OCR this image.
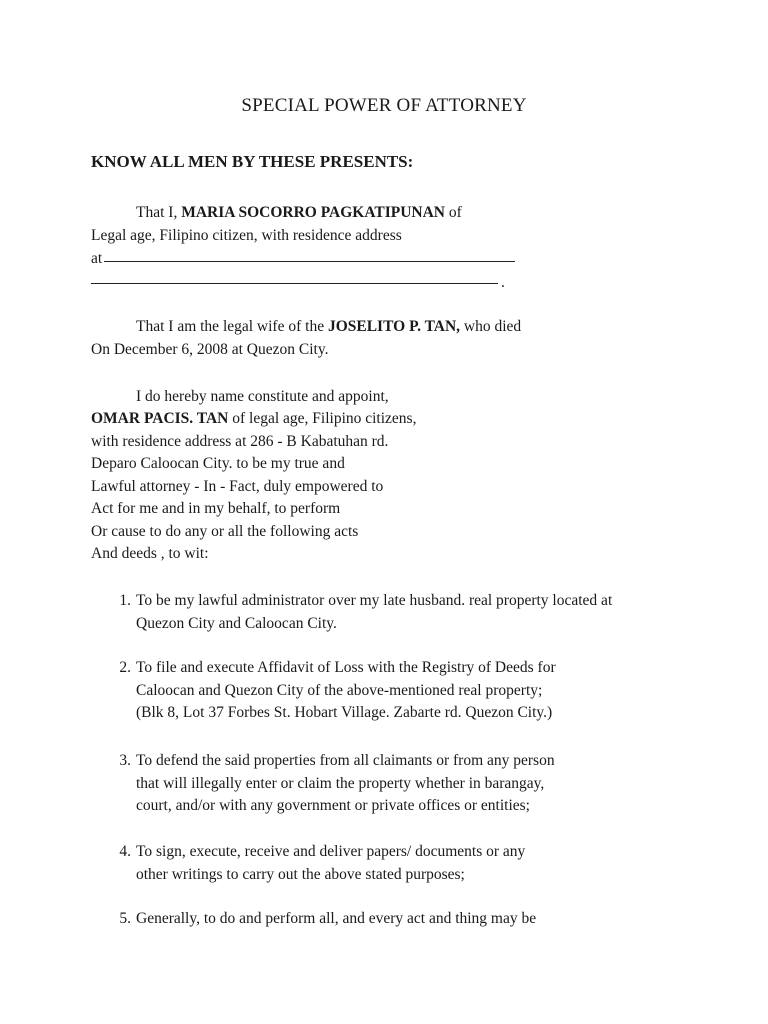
SPECIAL POWER OF ATTORNEY
KNOW ALL MEN BY THESE PRESENTS:
That I, MARIA SOCORRO PAGKATIPUNAN of
Legal age, Filipino citizen, with residence address
at
.
That I am the legal wife of the JOSELITO P. TAN, who died
On December 6, 2008 at Quezon City.
I do hereby name constitute and appoint,
OMAR PACIS. TAN of legal age, Filipino citizens,
with residence address at 286 - B Kabatuhan rd.
Deparo Caloocan City. to be my true and
Lawful attorney - In - Fact, duly empowered to
Act for me and in my behalf, to perform
Or cause to do any or all the following acts
And deeds , to wit:
1. To be my lawful administrator over my late husband. real property located at
Quezon City and Caloocan City.
2. To file and execute Affidavit of Loss with the Registry of Deeds for
Caloocan and Quezon City of the above-mentioned real property;
(Blk 8, Lot 37 Forbes St. Hobart Village. Zabarte rd. Quezon City.)
3. To defend the said properties from all claimants or from any person
that will illegally enter or claim the property whether in barangay,
court, and/or with any government or private offices or entities;
4. To sign, execute, receive and deliver papers/ documents or any
other writings to carry out the above stated purposes;
5. Generally, to do and perform all, and every act and thing may be
